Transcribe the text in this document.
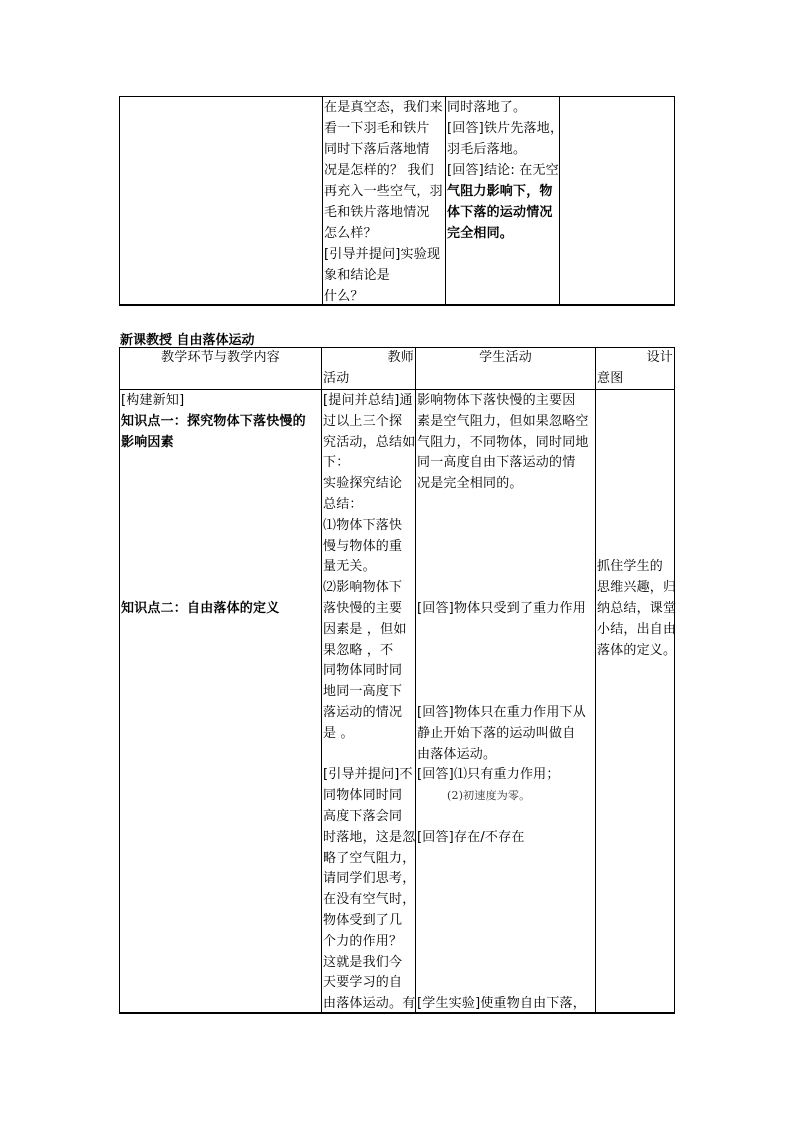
在是真空态，我们来
看一下羽毛和铁片
同时下落后落地情
况是怎样的？ 我们
再充入一些空气，羽
毛和铁片落地情况
怎么样？
[引导并提问]实验现
象和结论是
什么？
同时落地了。
[回答]铁片先落地，
羽毛后落地。
[回答]结论: 在无空
气阻力影响下，物
体下落的运动情况
完全相同。
新课教授 自由落体运动
教学环节与教学内容
[构建新知]
知识点一：探究物体下落快慢的
影响因素
知识点二：自由落体的定义
教师
活动
[提问并总结]通
过以上三个探
究活动，总结如
下：
实验探究结论
总结：
⑴物体下落快
慢与物体的重
量无关。
⑵影响物体下
落快慢的主要
因素是 ，但如
果忽略 ，不
同物体同时同
地同一高度下
落运动的情况
是 。
[引导并提问]不
同物体同时同
高度下落会同
时落地，这是忽
略了空气阻力，
请同学们思考，
在没有空气时，
物体受到了几
个力的作用？
这就是我们今
天要学习的自
由落体运动。有
学生活动
影响物体下落快慢的主要因
素是空气阻力，但如果忽略空
气阻力，不同物体，同时同地
同一高度自由下落运动的情
况是完全相同的。
[回答]物体只受到了重力作用
[回答]物体只在重力作用下从
静止开始下落的运动叫做自
由落体运动。
[回答]⑴只有重力作用；
(2)初速度为零。
[回答]存在/不存在
[学生实验]使重物自由下落，
设计
意图
抓住学生的
思维兴趣，归
纳总结，课堂
小结，出自由
落体的定义。
